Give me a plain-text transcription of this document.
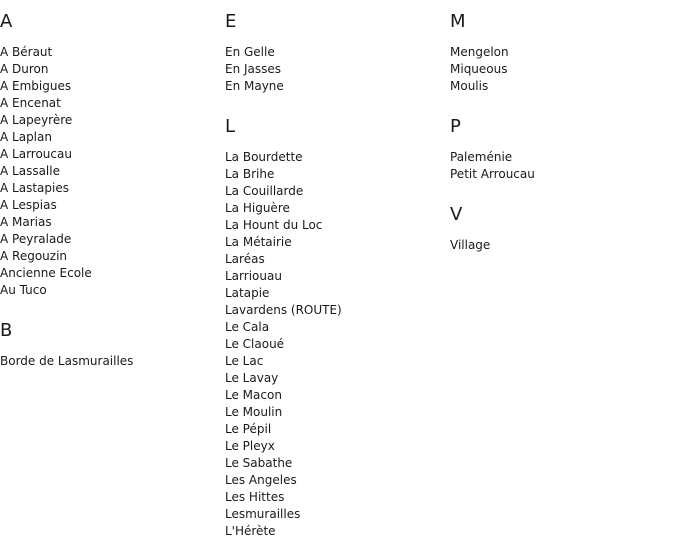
A
A Béraut
A Duron
A Embigues
A Encenat
A Lapeyrère
A Laplan
A Larroucau
A Lassalle
A Lastapies
A Lespias
A Marias
A Peyralade
A Regouzin
Ancienne Ecole
Au Tuco
B
Borde de Lasmurailles
E
En Gelle
En Jasses
En Mayne
L
La Bourdette
La Brihe
La Couillarde
La Higuère
La Hount du Loc
La Métairie
Laréas
Larriouau
Latapie
Lavardens (ROUTE)
Le Cala
Le Claoué
Le Lac
Le Lavay
Le Macon
Le Moulin
Le Pépil
Le Pleyx
Le Sabathe
Les Angeles
Les Hittes
Lesmurailles
L'Hérète
M
Mengelon
Miqueous
Moulis
P
Paleménie
Petit Arroucau
V
Village
